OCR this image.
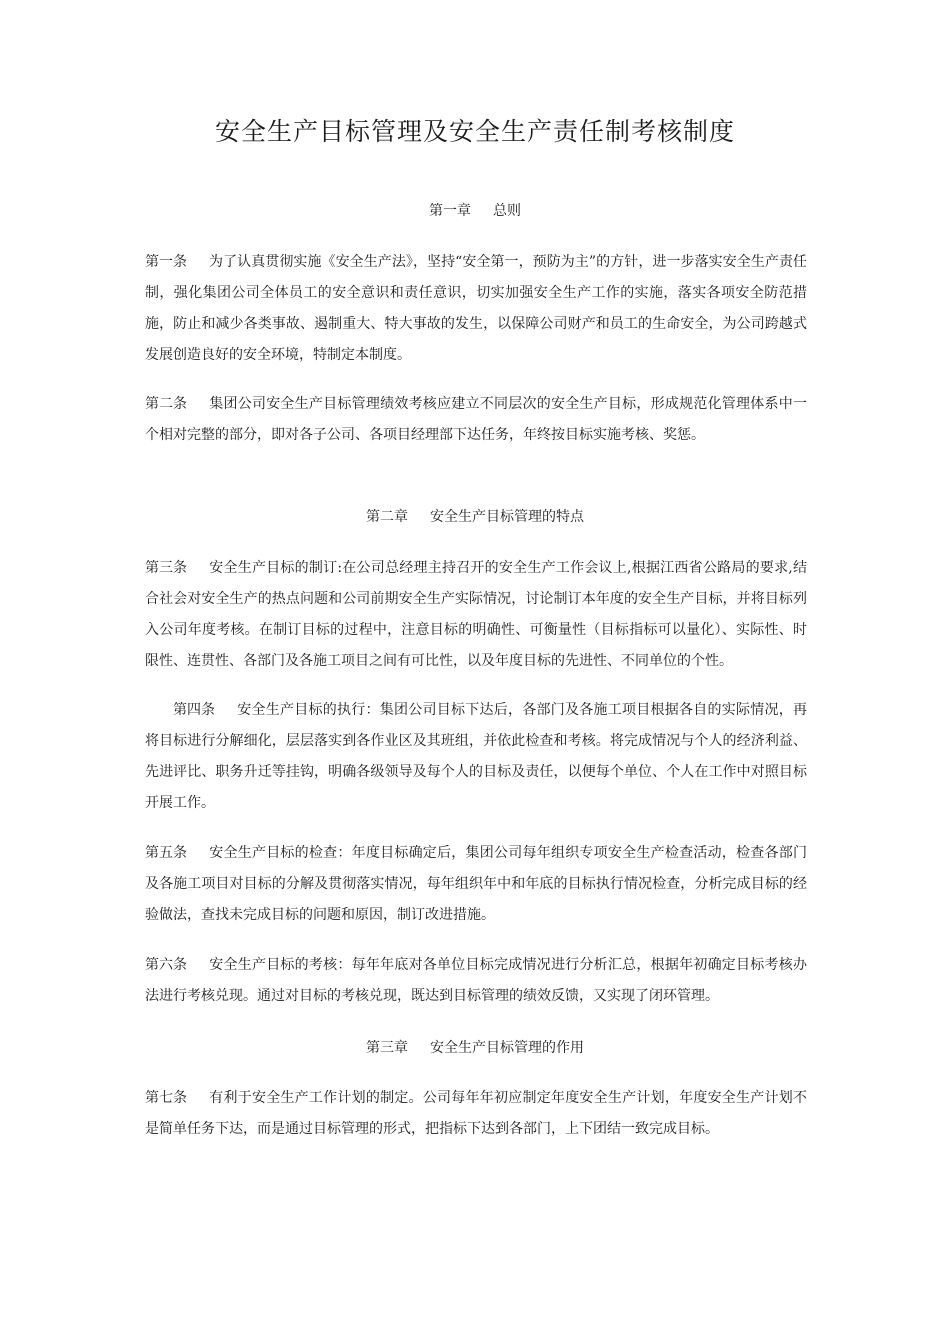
安全生产目标管理及安全生产责任制考核制度
第一章 总则

第一条 为了认真贯彻实施《安全生产法》，坚持“安全第一，预防为主”的方针，进一步落实安全生产责任制，强化集团公司全体员工的安全意识和责任意识，切实加强安全生产工作的实施，落实各项安全防范措施，防止和减少各类事故、遏制重大、特大事故的发生，以保障公司财产和员工的生命安全，为公司跨越式发展创造良好的安全环境，特制定本制度。

第二条 集团公司安全生产目标管理绩效考核应建立不同层次的安全生产目标，形成规范化管理体系中一个相对完整的部分，即对各子公司、各项目经理部下达任务，年终按目标实施考核、奖惩。

第二章 安全生产目标管理的特点

第三条 安全生产目标的制订:在公司总经理主持召开的安全生产工作会议上,根据江西省公路局的要求,结合社会对安全生产的热点问题和公司前期安全生产实际情况，讨论制订本年度的安全生产目标，并将目标列入公司年度考核。在制订目标的过程中，注意目标的明确性、可衡量性（目标指标可以量化）、实际性、时限性、连贯性、各部门及各施工项目之间有可比性，以及年度目标的先进性、不同单位的个性。

第四条 安全生产目标的执行：集团公司目标下达后，各部门及各施工项目根据各自的实际情况，再将目标进行分解细化，层层落实到各作业区及其班组，并依此检查和考核。将完成情况与个人的经济利益、先进评比、职务升迁等挂钩，明确各级领导及每个人的目标及责任，以便每个单位、个人在工作中对照目标开展工作。

第五条 安全生产目标的检查：年度目标确定后，集团公司每年组织专项安全生产检查活动，检查各部门及各施工项目对目标的分解及贯彻落实情况，每年组织年中和年底的目标执行情况检查，分析完成目标的经验做法，查找未完成目标的问题和原因，制订改进措施。

第六条 安全生产目标的考核：每年年底对各单位目标完成情况进行分析汇总，根据年初确定目标考核办法进行考核兑现。通过对目标的考核兑现，既达到目标管理的绩效反馈，又实现了闭环管理。

第三章 安全生产目标管理的作用

第七条 有利于安全生产工作计划的制定。公司每年年初应制定年度安全生产计划，年度安全生产计划不是简单任务下达，而是通过目标管理的形式，把指标下达到各部门，上下团结一致完成目标。
